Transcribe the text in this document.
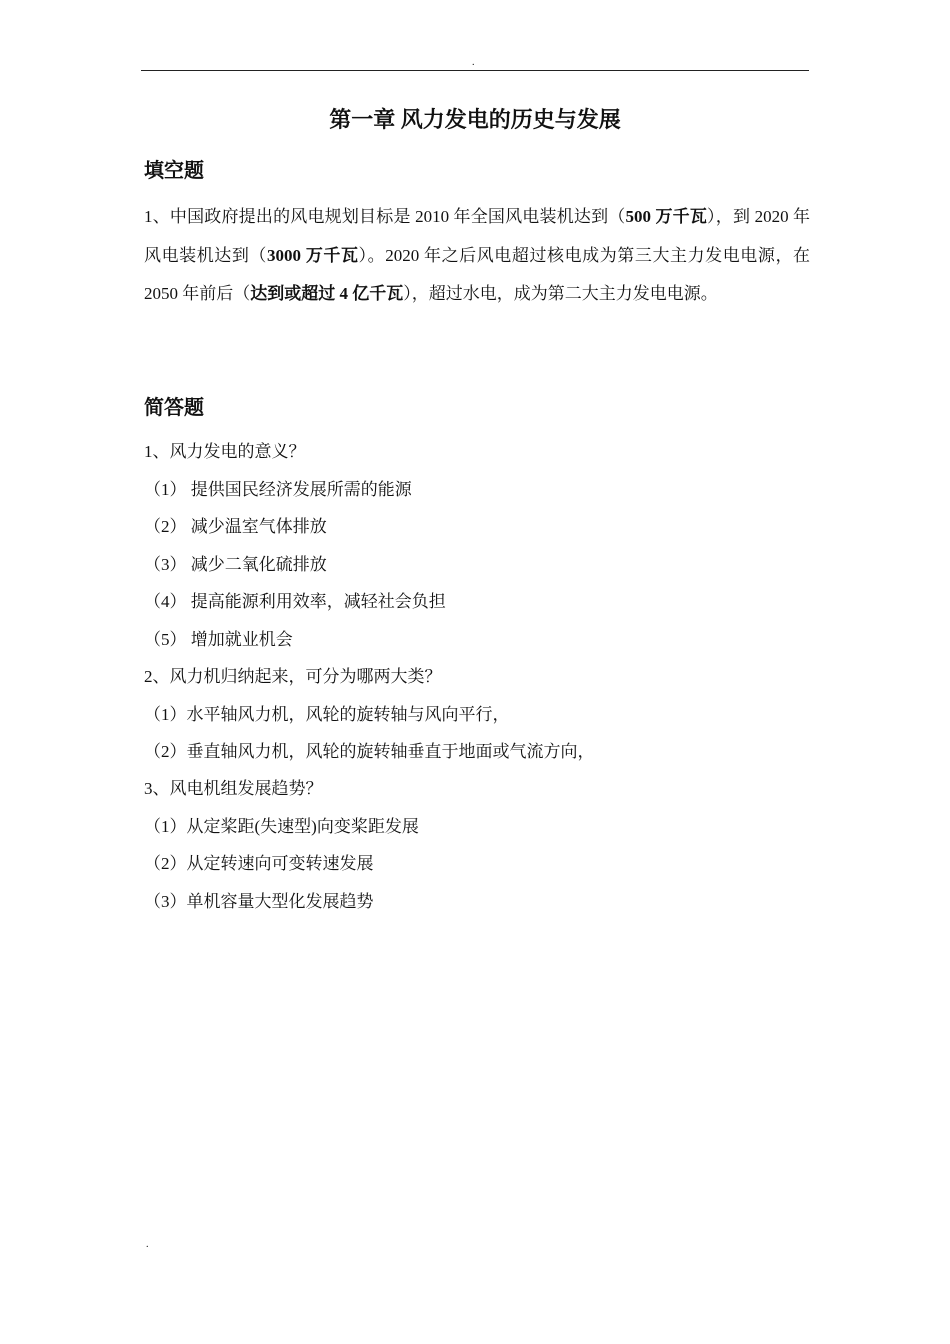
.
第一章 风力发电的历史与发展
填空题

1、中国政府提出的风电规划目标是 2010 年全国风电装机达到（500 万千瓦），到 2020 年风电装机达到（3000 万千瓦）。2020 年之后风电超过核电成为第三大主力发电电源，在 2050 年前后（达到或超过 4 亿千瓦），超过水电，成为第二大主力发电电源。

简答题
1、风力发电的意义？
（1） 提供国民经济发展所需的能源
（2） 减少温室气体排放
（3） 减少二氧化硫排放
（4） 提高能源利用效率，减轻社会负担
（5） 增加就业机会
2、风力机归纳起来，可分为哪两大类？
（1）水平轴风力机，风轮的旋转轴与风向平行，
（2）垂直轴风力机，风轮的旋转轴垂直于地面或气流方向，
3、风电机组发展趋势？
（1）从定桨距(失速型)向变桨距发展
（2）从定转速向可变转速发展
（3）单机容量大型化发展趋势
.
